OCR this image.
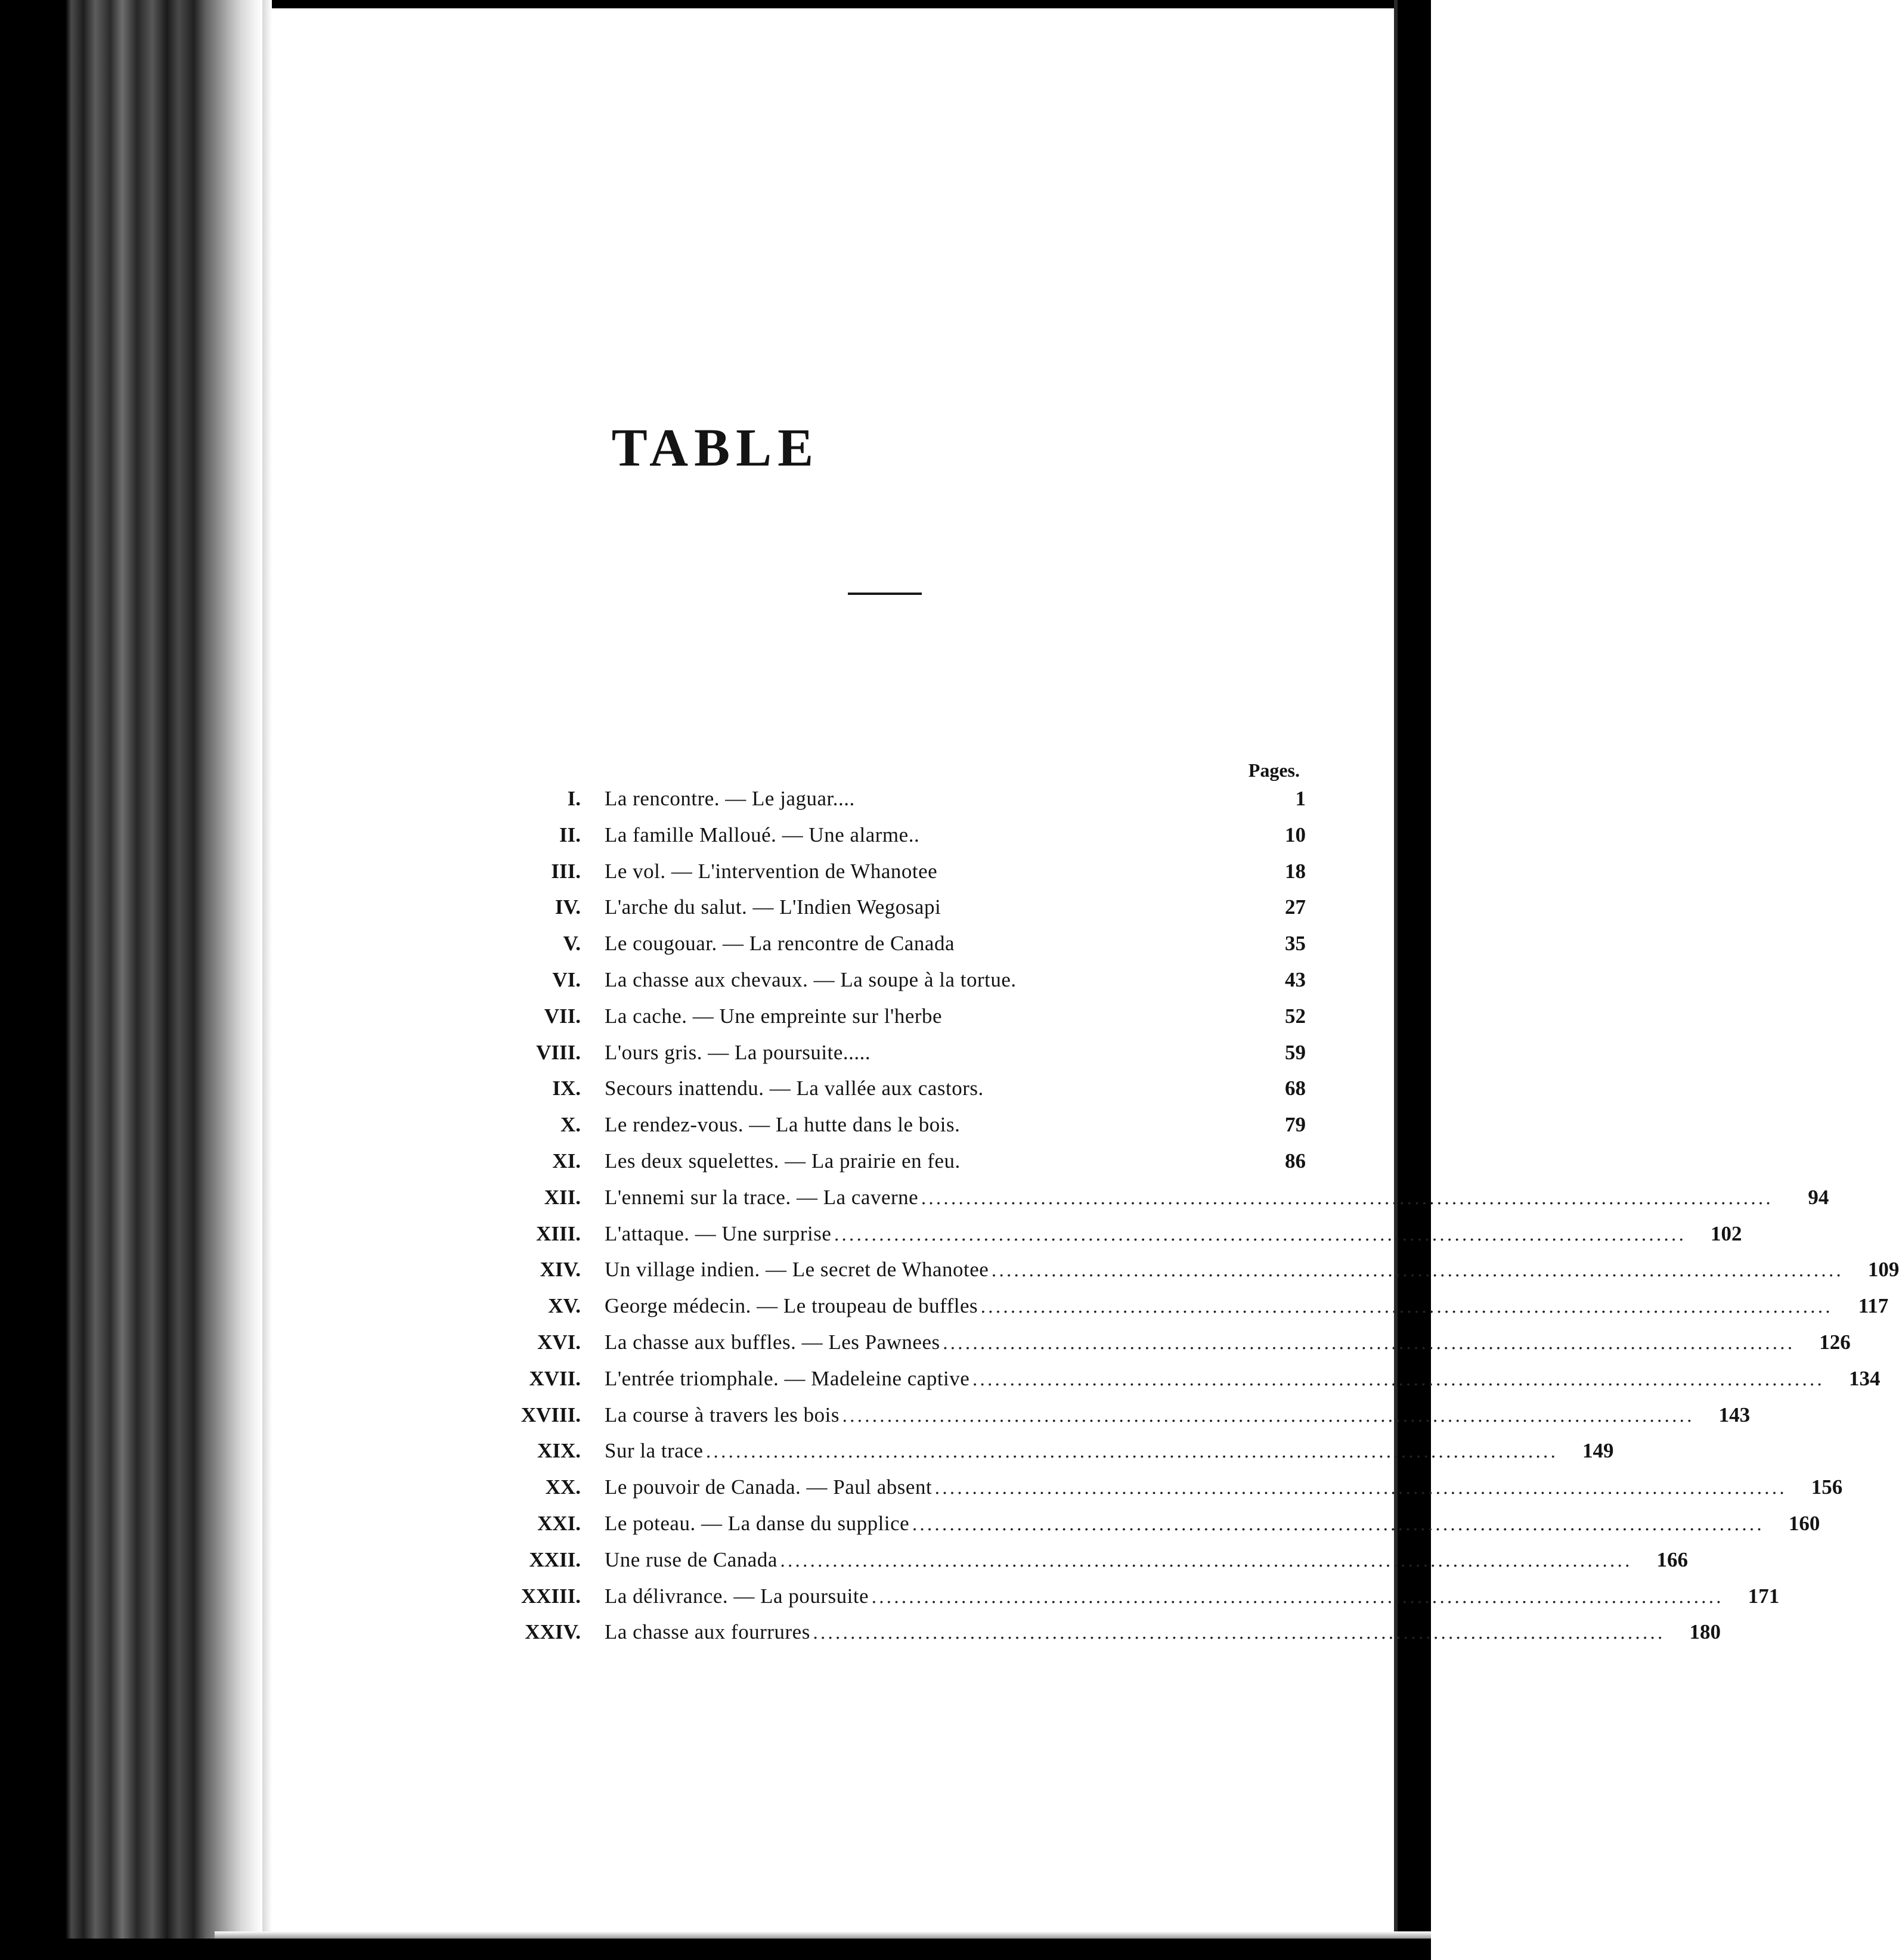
TABLE
Pages.
I.	La rencontre. — Le jaguar....	1
II.	La famille Malloué. — Une alarme..	10
III.	Le vol. — L'intervention de Whanotee	18
IV.	L'arche du salut. — L'Indien Wegosapi	27
V.	Le cougouar. — La rencontre de Canada	35
VI.	La chasse aux chevaux. — La soupe à la tortue.	43
VII.	La cache. — Une empreinte sur l'herbe	52
VIII.	L'ours gris. — La poursuite.....	59
IX.	Secours inattendu. — La vallée aux castors.	68
X.	Le rendez-vous. — La hutte dans le bois.	79
XI.	Les deux squelettes. — La prairie en feu.	86
XII.	L'ennemi sur la trace. — La caverne ..................................................................................................................	94
XIII.	L'attaque. — Une surprise ..................................................................................................................	102
XIV.	Un village indien. — Le secret de Whanotee ..................................................................................................................	109
XV.	George médecin. — Le troupeau de buffles ..................................................................................................................	117
XVI.	La chasse aux buffles. — Les Pawnees ..................................................................................................................	126
XVII.	L'entrée triomphale. — Madeleine captive ..................................................................................................................	134
XVIII.	La course à travers les bois ..................................................................................................................	143
XIX.	Sur la trace ..................................................................................................................	149
XX.	Le pouvoir de Canada. — Paul absent ..................................................................................................................	156
XXI.	Le poteau. — La danse du supplice ..................................................................................................................	160
XXII.	Une ruse de Canada ..................................................................................................................	166
XXIII.	La délivrance. — La poursuite ..................................................................................................................	171
XXIV.	La chasse aux fourrures ..................................................................................................................	180
